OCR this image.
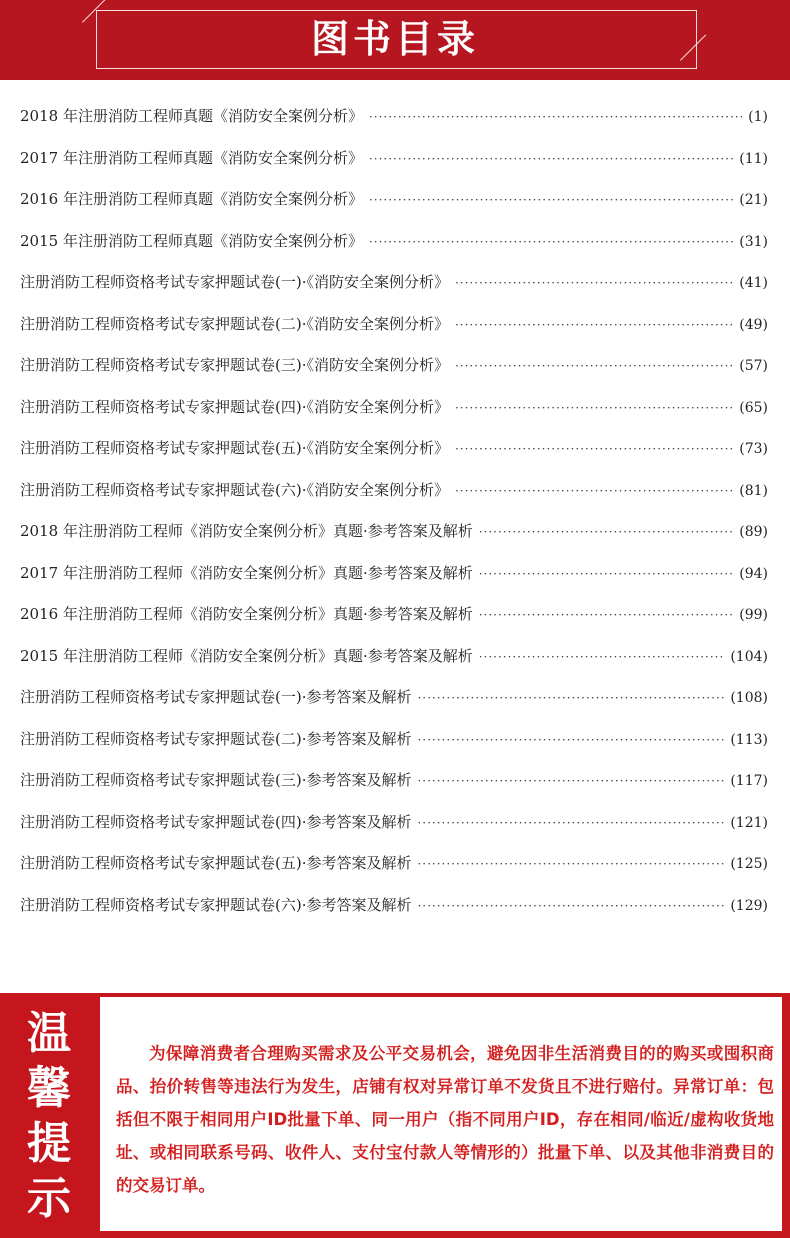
图书目录
2018 年注册消防工程师真题《消防安全案例分析》 ·····	(1)
2017 年注册消防工程师真题《消防安全案例分析》 ·····	(11)
2016 年注册消防工程师真题《消防安全案例分析》 ·····	(21)
2015 年注册消防工程师真题《消防安全案例分析》 ·····	(31)
注册消防工程师资格考试专家押题试卷(一)·《消防安全案例分析》 ·····	(41)
注册消防工程师资格考试专家押题试卷(二)·《消防安全案例分析》 ·····	(49)
注册消防工程师资格考试专家押题试卷(三)·《消防安全案例分析》 ·····	(57)
注册消防工程师资格考试专家押题试卷(四)·《消防安全案例分析》 ·····	(65)
注册消防工程师资格考试专家押题试卷(五)·《消防安全案例分析》 ·····	(73)
注册消防工程师资格考试专家押题试卷(六)·《消防安全案例分析》 ·····	(81)
2018 年注册消防工程师《消防安全案例分析》真题·参考答案及解析 ·····	(89)
2017 年注册消防工程师《消防安全案例分析》真题·参考答案及解析 ·····	(94)
2016 年注册消防工程师《消防安全案例分析》真题·参考答案及解析 ·····	(99)
2015 年注册消防工程师《消防安全案例分析》真题·参考答案及解析 ·····	(104)
注册消防工程师资格考试专家押题试卷(一)·参考答案及解析 ·····	(108)
注册消防工程师资格考试专家押题试卷(二)·参考答案及解析 ·····	(113)
注册消防工程师资格考试专家押题试卷(三)·参考答案及解析 ·····	(117)
注册消防工程师资格考试专家押题试卷(四)·参考答案及解析 ·····	(121)
注册消防工程师资格考试专家押题试卷(五)·参考答案及解析 ·····	(125)
注册消防工程师资格考试专家押题试卷(六)·参考答案及解析 ·····	(129)
温
馨
提
示
为保障消费者合理购买需求及公平交易机会，避免因非生活消费目的的购买或囤积商品、抬价转售等违法行为发生，店铺有权对异常订单不发货且不进行赔付。异常订单：包括但不限于相同用户ID批量下单、同一用户（指不同用户ID，存在相同/临近/虚构收货地址、或相同联系号码、收件人、支付宝付款人等情形的）批量下单、以及其他非消费目的的交易订单。
